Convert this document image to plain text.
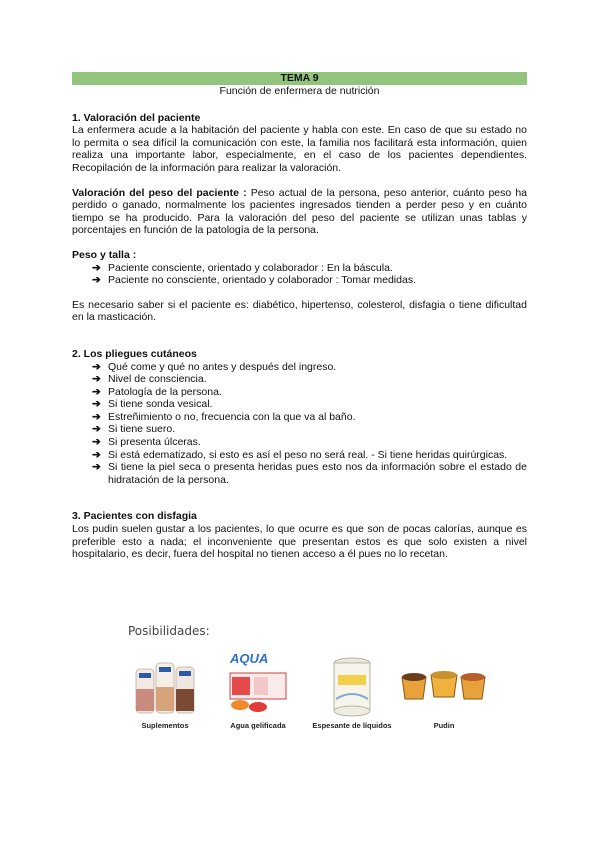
TEMA 9
Función de enfermera de nutrición
1. Valoración del paciente

La enfermera acude a la habitación del paciente y habla con este. En caso de que su estado no lo permita o sea difícil la comunicación con este, la familia nos facilitará esta información, quien realiza una importante labor, especialmente, en el caso de los pacientes dependientes. Recopilación de la información para realizar la valoración.

Valoración del peso del paciente : Peso actual de la persona, peso anterior, cuánto peso ha perdido o ganado, normalmente los pacientes ingresados tienden a perder peso y en cuánto tiempo se ha producido. Para la valoración del peso del paciente se utilizan unas tablas y porcentajes en función de la patología de la persona.

Peso y talla :
➔ Paciente consciente, orientado y colaborador : En la báscula.
➔ Paciente no consciente, orientado y colaborador : Tomar medidas.

Es necesario saber si el paciente es: diabético, hipertenso, colesterol, disfagia o tiene dificultad en la masticación.

2. Los pliegues cutáneos
➔ Qué come y qué no antes y después del ingreso.
➔ Nivel de consciencia.
➔ Patología de la persona.
➔ Si tiene sonda vesical.
➔ Estreñimiento o no, frecuencia con la que va al baño.
➔ Si tiene suero.
➔ Si presenta úlceras.
➔ Si está edematizado, si esto es así el peso no será real. - Si tiene heridas quirúrgicas.
➔ Si tiene la piel seca o presenta heridas pues esto nos da información sobre el estado de hidratación de la persona.
3. Pacientes con disfagia

Los pudin suelen gustar a los pacientes, lo que ocurre es que son de pocas calorías, aunque es preferible esto a nada; el inconveniente que presentan estos es que solo existen a nivel hospitalario, es decir, fuera del hospital no tienen acceso a él pues no lo recetan.

Posibilidades:
Suplementos
AQUA
Agua gelificada	Espesante de líquidos	Pudin
